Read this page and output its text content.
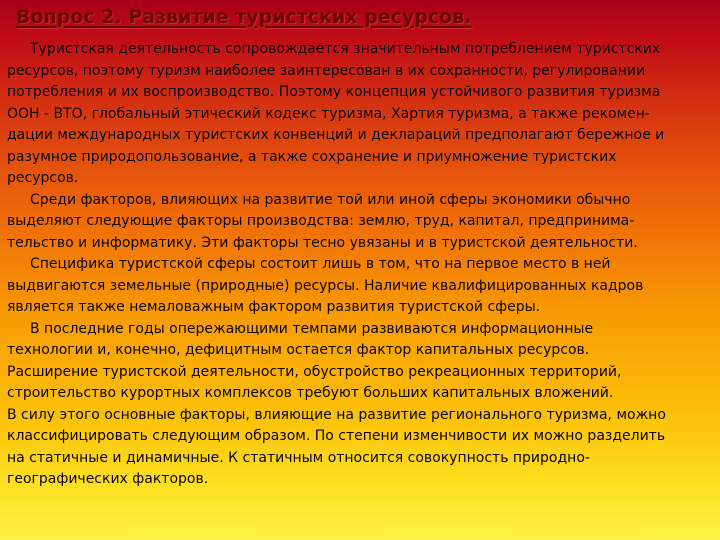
Вопрос 2. Развитие туристских ресурсов.
Туристская деятельность сопровождается значительным потреблением туристских
ресурсов, поэтому туризм наиболее заинтересован в их сохранности, регулировании
потребления и их воспроизводство. Поэтому концепция устойчивого развития туризма
ООН - ВТО, глобальный этический кодекс туризма, Хартия туризма, а также рекомен-
дации международных туристских конвенций и деклараций предполагают бережное и
разумное природопользование, а также сохранение и приумножение туристских
ресурсов.
Среди факторов, влияющих на развитие той или иной сферы экономики обычно
выделяют следующие факторы производства: землю, труд, капитал, предпринима-
тельство и информатику. Эти факторы тесно увязаны и в туристской деятельности.
Специфика туристской сферы состоит лишь в том, что на первое место в ней
выдвигаются земельные (природные) ресурсы. Наличие квалифицированных кадров
является также немаловажным фактором развития туристской сферы.
В последние годы опережающими темпами развиваются информационные
технологии и, конечно, дефицитным остается фактор капитальных ресурсов.
Расширение туристской деятельности, обустройство рекреационных территорий,
строительство курортных комплексов требуют больших капитальных вложений.
В силу этого основные факторы, влияющие на развитие регионального туризма, можно
классифицировать следующим образом. По степени изменчивости их можно разделить
на статичные и динамичные. К статичным относится совокупность природно-
географических факторов.
